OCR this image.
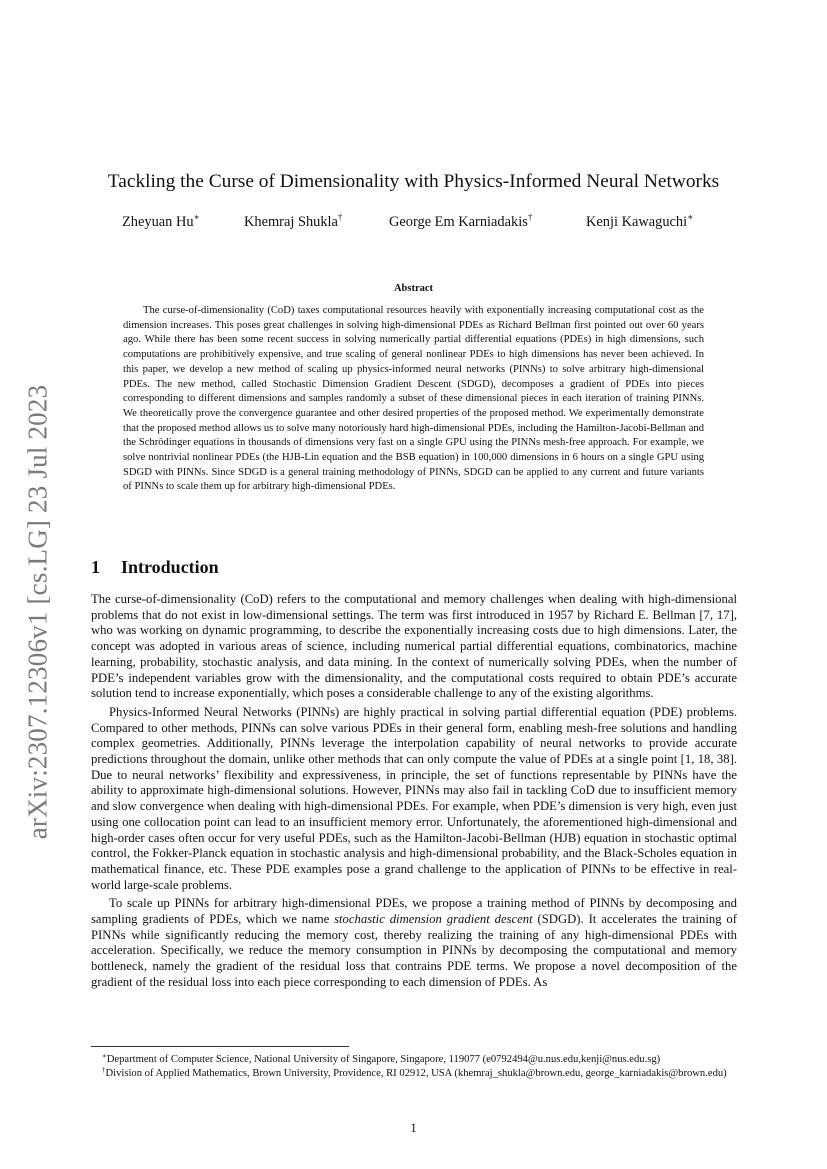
arXiv:2307.12306v1 [cs.LG] 23 Jul 2023
Tackling the Curse of Dimensionality with Physics-Informed Neural Networks
Zheyuan Hu∗	Khemraj Shukla†	George Em Karniadakis†	Kenji Kawaguchi∗
Abstract

The curse-of-dimensionality (CoD) taxes computational resources heavily with exponentially increasing computational cost as the dimension increases. This poses great challenges in solving high-dimensional PDEs as Richard Bellman first pointed out over 60 years ago. While there has been some recent success in solving numerically partial differential equations (PDEs) in high dimensions, such computations are prohibitively expensive, and true scaling of general nonlinear PDEs to high dimensions has never been achieved. In this paper, we develop a new method of scaling up physics-informed neural networks (PINNs) to solve arbitrary high-dimensional PDEs. The new method, called Stochastic Dimension Gradient Descent (SDGD), decomposes a gradient of PDEs into pieces corresponding to different dimensions and samples randomly a subset of these dimensional pieces in each iteration of training PINNs. We theoretically prove the convergence guarantee and other desired properties of the proposed method. We experimentally demonstrate that the proposed method allows us to solve many notoriously hard high-dimensional PDEs, including the Hamilton-Jacobi-Bellman and the Schrödinger equations in thousands of dimensions very fast on a single GPU using the PINNs mesh-free approach. For example, we solve nontrivial nonlinear PDEs (the HJB-Lin equation and the BSB equation) in 100,000 dimensions in 6 hours on a single GPU using SDGD with PINNs. Since SDGD is a general training methodology of PINNs, SDGD can be applied to any current and future variants of PINNs to scale them up for arbitrary high-dimensional PDEs.

1 Introduction

The curse-of-dimensionality (CoD) refers to the computational and memory challenges when dealing with high-dimensional problems that do not exist in low-dimensional settings. The term was first introduced in 1957 by Richard E. Bellman [7, 17], who was working on dynamic programming, to describe the exponentially increasing costs due to high dimensions. Later, the concept was adopted in various areas of science, including numerical partial differential equations, combinatorics, machine learning, probability, stochastic analysis, and data mining. In the context of numerically solving PDEs, when the number of PDE’s independent variables grow with the dimensionality, and the computational costs required to obtain PDE’s accurate solution tend to increase exponentially, which poses a considerable challenge to any of the existing algorithms.

Physics-Informed Neural Networks (PINNs) are highly practical in solving partial differential equation (PDE) problems. Compared to other methods, PINNs can solve various PDEs in their general form, enabling mesh-free solutions and handling complex geometries. Additionally, PINNs leverage the interpolation capability of neural networks to provide accurate predictions throughout the domain, unlike other methods that can only compute the value of PDEs at a single point [1, 18, 38]. Due to neural networks’ flexibility and expressiveness, in principle, the set of functions representable by PINNs have the ability to approximate high-dimensional solutions. However, PINNs may also fail in tackling CoD due to insufficient memory and slow convergence when dealing with high-dimensional PDEs. For example, when PDE’s dimension is very high, even just using one collocation point can lead to an insufficient memory error. Unfortunately, the aforementioned high-dimensional and high-order cases often occur for very useful PDEs, such as the Hamilton-Jacobi-Bellman (HJB) equation in stochastic optimal control, the Fokker-Planck equation in stochastic analysis and high-dimensional probability, and the Black-Scholes equation in mathematical finance, etc. These PDE examples pose a grand challenge to the application of PINNs to be effective in real-world large-scale problems.

To scale up PINNs for arbitrary high-dimensional PDEs, we propose a training method of PINNs by decomposing and sampling gradients of PDEs, which we name stochastic dimension gradient descent (SDGD). It accelerates the training of PINNs while significantly reducing the memory cost, thereby realizing the training of any high-dimensional PDEs with acceleration. Specifically, we reduce the memory consumption in PINNs by decomposing the computational and memory bottleneck, namely the gradient of the residual loss that contrains PDE terms. We propose a novel decomposition of the gradient of the residual loss into each piece corresponding to each dimension of PDEs. As

∗Department of Computer Science, National University of Singapore, Singapore, 119077 (e0792494@u.nus.edu,kenji@nus.edu.sg)

†Division of Applied Mathematics, Brown University, Providence, RI 02912, USA (khemraj_shukla@brown.edu, george_karniadakis@brown.edu)

1
